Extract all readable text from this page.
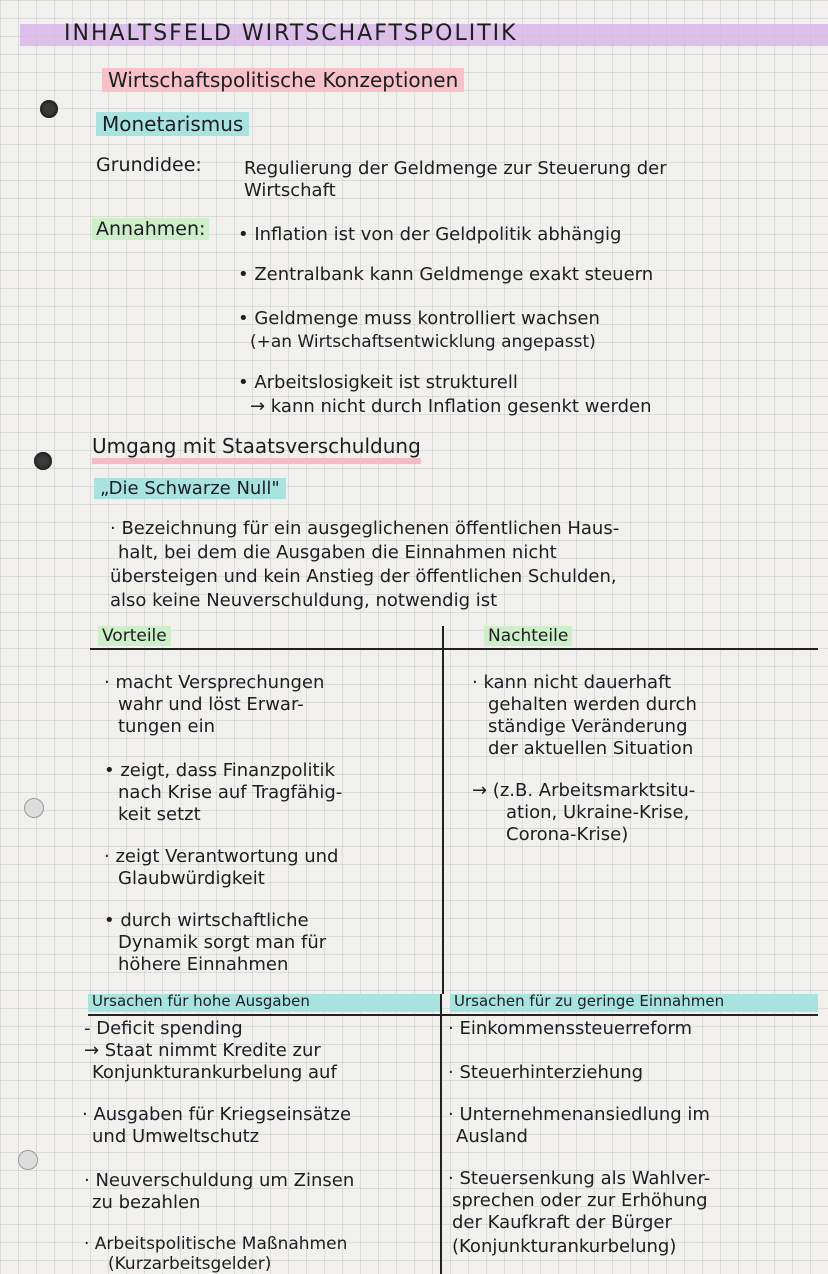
INHALTSFELD WIRTSCHAFTSPOLITIK
Wirtschaftspolitische Konzeptionen
Monetarismus
Grundidee: Regulierung der Geldmenge zur Steuerung der
Wirtschaft
Annahmen: • Inflation ist von der Geldpolitik abhängig
• Zentralbank kann Geldmenge exakt steuern
• Geldmenge muss kontrolliert wachsen
(+an Wirtschaftsentwicklung angepasst)
• Arbeitslosigkeit ist strukturell
→ kann nicht durch Inflation gesenkt werden
Umgang mit Staatsverschuldung
„Die Schwarze Null"
· Bezeichnung für ein ausgeglichenen öffentlichen Haus-
halt, bei dem die Ausgaben die Einnahmen nicht
übersteigen und kein Anstieg der öffentlichen Schulden,
also keine Neuverschuldung, notwendig ist
Vorteile	Nachteile
· macht Versprechungen
wahr und löst Erwar-
tungen ein
• zeigt, dass Finanzpolitik
nach Krise auf Tragfähig-
keit setzt
· zeigt Verantwortung und
Glaubwürdigkeit
• durch wirtschaftliche
Dynamik sorgt man für
höhere Einnahmen
· kann nicht dauerhaft
gehalten werden durch
ständige Veränderung
der aktuellen Situation
→ (z.B. Arbeitsmarktsitu-
ation, Ukraine-Krise,
Corona-Krise)
Ursachen für hohe Ausgaben	Ursachen für zu geringe Einnahmen
- Deficit spending
→ Staat nimmt Kredite zur
Konjunkturankurbelung auf
· Ausgaben für Kriegseinsätze
und Umweltschutz
· Neuverschuldung um Zinsen
zu bezahlen
· Arbeitspolitische Maßnahmen
(Kurzarbeitsgelder)
· Einkommenssteuerreform
· Steuerhinterziehung
· Unternehmenansiedlung im
Ausland
· Steuersenkung als Wahlver-
sprechen oder zur Erhöhung
der Kaufkraft der Bürger
(Konjunkturankurbelung)
